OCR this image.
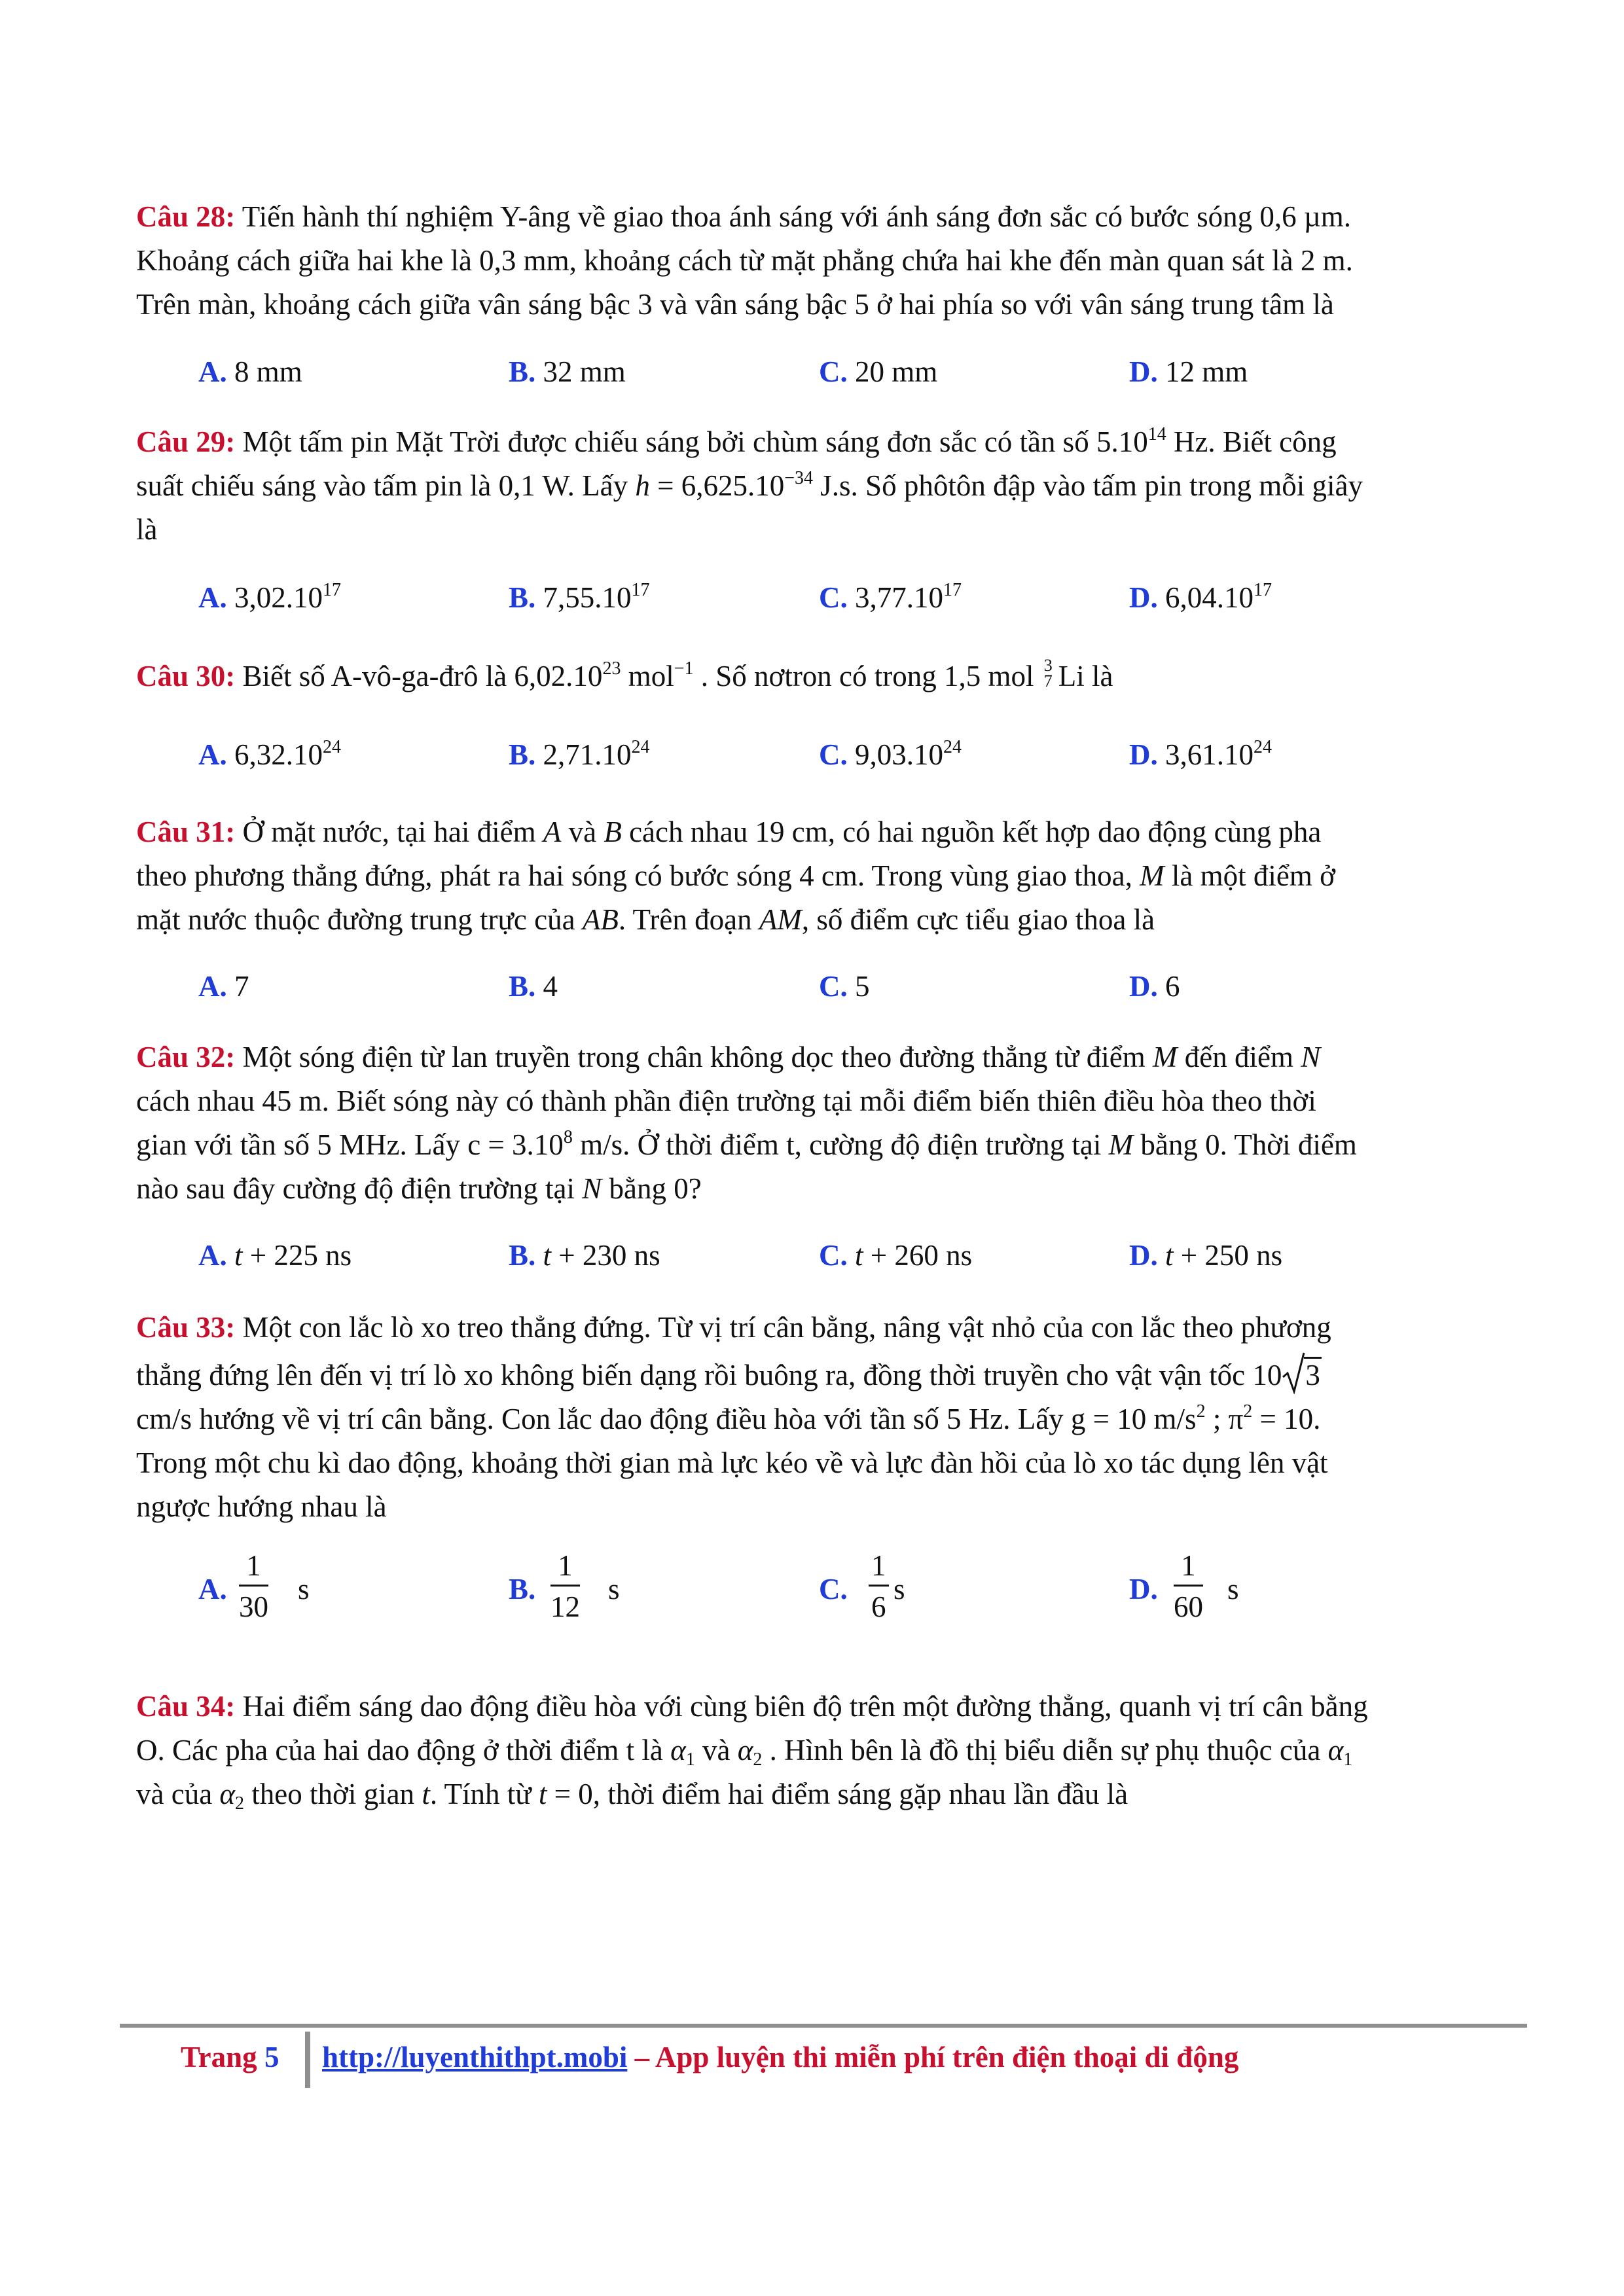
Câu 28: Tiến hành thí nghiệm Y-âng về giao thoa ánh sáng với ánh sáng đơn sắc có bước sóng 0,6 µm.
Khoảng cách giữa hai khe là 0,3 mm, khoảng cách từ mặt phẳng chứa hai khe đến màn quan sát là 2 m.
Trên màn, khoảng cách giữa vân sáng bậc 3 và vân sáng bậc 5 ở hai phía so với vân sáng trung tâm là
A. 8 mm	B. 32 mm	C. 20 mm	D. 12 mm
Câu 29: Một tấm pin Mặt Trời được chiếu sáng bởi chùm sáng đơn sắc có tần số 5.10$^{14}$ Hz. Biết công
suất chiếu sáng vào tấm pin là 0,1 W. Lấy $h = 6,625.10^{-34}$ J.s. Số phôtôn đập vào tấm pin trong mỗi giây
là
A. 3,02.10$^{17}$	B. 7,55.10$^{17}$	C. 3,77.10$^{17}$	D. 6,04.10$^{17}$
Câu 30: Biết số A-vô-ga-đrô là 6,02.10$^{23}$ mol$^{-1}$ . Số nơtron có trong 1,5 mol 3
7 Li là
A. 6,32.10$^{24}$	B. 2,71.10$^{24}$	C. 9,03.10$^{24}$	D. 3,61.10$^{24}$
Câu 31: Ở mặt nước, tại hai điểm A và B cách nhau 19 cm, có hai nguồn kết hợp dao động cùng pha
theo phương thẳng đứng, phát ra hai sóng có bước sóng 4 cm. Trong vùng giao thoa, M là một điểm ở
mặt nước thuộc đường trung trực của AB. Trên đoạn AM, số điểm cực tiểu giao thoa là
A. 7	B. 4	C. 5	D. 6
Câu 32: Một sóng điện từ lan truyền trong chân không dọc theo đường thẳng từ điểm M đến điểm N
cách nhau 45 m. Biết sóng này có thành phần điện trường tại mỗi điểm biến thiên điều hòa theo thời
gian với tần số 5 MHz. Lấy $c = 3.10^8$ m/s. Ở thời điểm t, cường độ điện trường tại M bằng 0. Thời điểm
nào sau đây cường độ điện trường tại N bằng 0?
A. t + 225 ns	B. t + 230 ns	C. t + 260 ns	D. t + 250 ns
Câu 33: Một con lắc lò xo treo thẳng đứng. Từ vị trí cân bằng, nâng vật nhỏ của con lắc theo phương
thẳng đứng lên đến vị trí lò xo không biến dạng rồi buông ra, đồng thời truyền cho vật vận tốc 10 3
cm/s hướng về vị trí cân bằng. Con lắc dao động điều hòa với tần số 5 Hz. Lấy g = 10 $m/s^2$ ; $\pi^2 = 10$.
Trong một chu kì dao động, khoảng thời gian mà lực kéo về và lực đàn hồi của lò xo tác dụng lên vật
ngược hướng nhau là
A. $\frac{1}{30}$ s	B. $\frac{1}{12}$ s	C. $\frac{1}{6}$ s	D. $\frac{1}{60}$ s
Câu 34: Hai điểm sáng dao động điều hòa với cùng biên độ trên một đường thẳng, quanh vị trí cân bằng
O. Các pha của hai dao động ở thời điểm t là $\alpha_1$ và $\alpha_2$ . Hình bên là đồ thị biểu diễn sự phụ thuộc của $\alpha_1$
và của $\alpha_2$ theo thời gian t. Tính từ t = 0, thời điểm hai điểm sáng gặp nhau lần đầu là
Trang 5 http://luyenthithpt.mobi – App luyện thi miễn phí trên điện thoại di động
